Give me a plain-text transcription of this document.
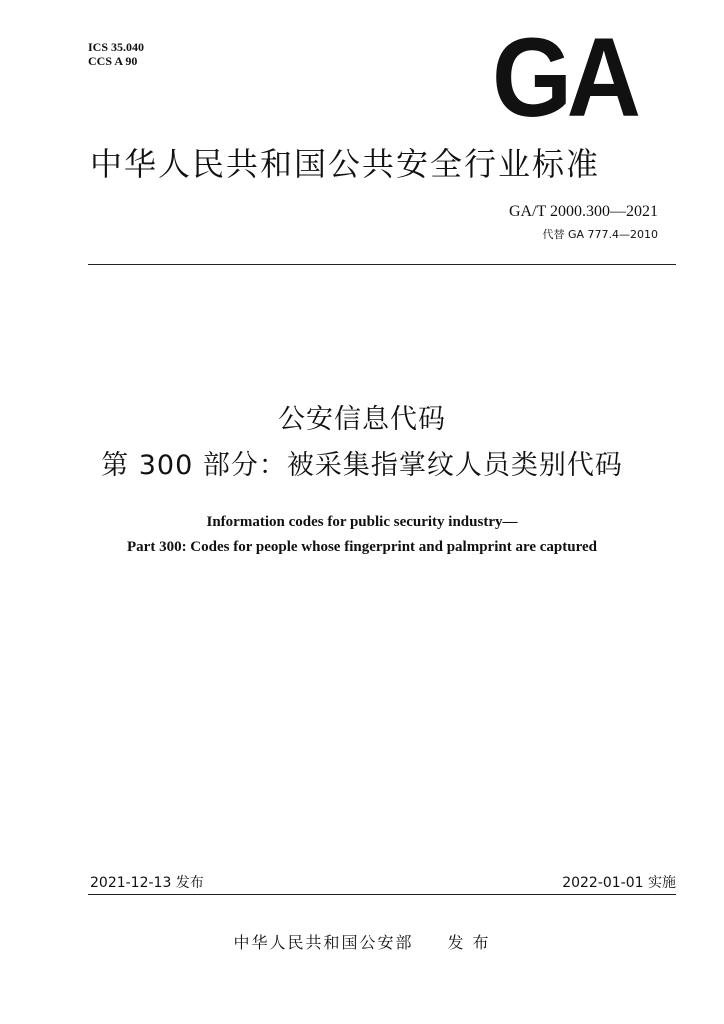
ICS 35.040
CCS A 90	GA
中华人民共和国公共安全行业标准
GA/T 2000.300—2021
代替 GA 777.4—2010
公安信息代码
第 300 部分：被采集指掌纹人员类别代码
Information codes for public security industry—
Part 300: Codes for people whose fingerprint and palmprint are captured
2021-12-13 发布	2022-01-01 实施
中华人民共和国公安部 发 布
